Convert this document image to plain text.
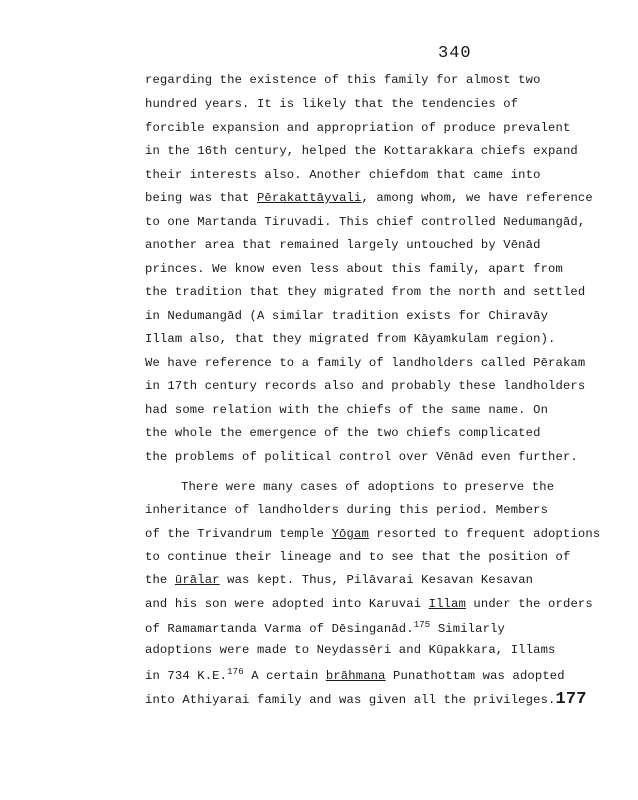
340
regarding the existence of this family for almost two
hundred years. It is likely that the tendencies of
forcible expansion and appropriation of produce prevalent
in the 16th century, helped the Kottarakkara chiefs expand
their interests also. Another chiefdom that came into
being was that Pērakattāyvali, among whom, we have reference
to one Martanda Tiruvadi. This chief controlled Nedumangād,
another area that remained largely untouched by Vēnād
princes. We know even less about this family, apart from
the tradition that they migrated from the north and settled
in Nedumangād (A similar tradition exists for Chiravāy
Illam also, that they migrated from Kāyamkulam region).
We have reference to a family of landholders called Pērakam
in 17th century records also and probably these landholders
had some relation with the chiefs of the same name. On
the whole the emergence of the two chiefs complicated
the problems of political control over Vēnād even further.
There were many cases of adoptions to preserve the
inheritance of landholders during this period. Members
of the Trivandrum temple Yōgam resorted to frequent adoptions
to continue their lineage and to see that the position of
the ūrālar was kept. Thus, Pilāvarai Kesavan Kesavan
and his son were adopted into Karuvai Illam under the orders
of Ramamartanda Varma of Dēsinganād.$^{175}$ Similarly
adoptions were made to Neydassēri and Kūpakkara, Illams
in 734 K.E.$^{176}$ A certain brāhmana Punathottam was adopted
into Athiyarai family and was given all the privileges.177
